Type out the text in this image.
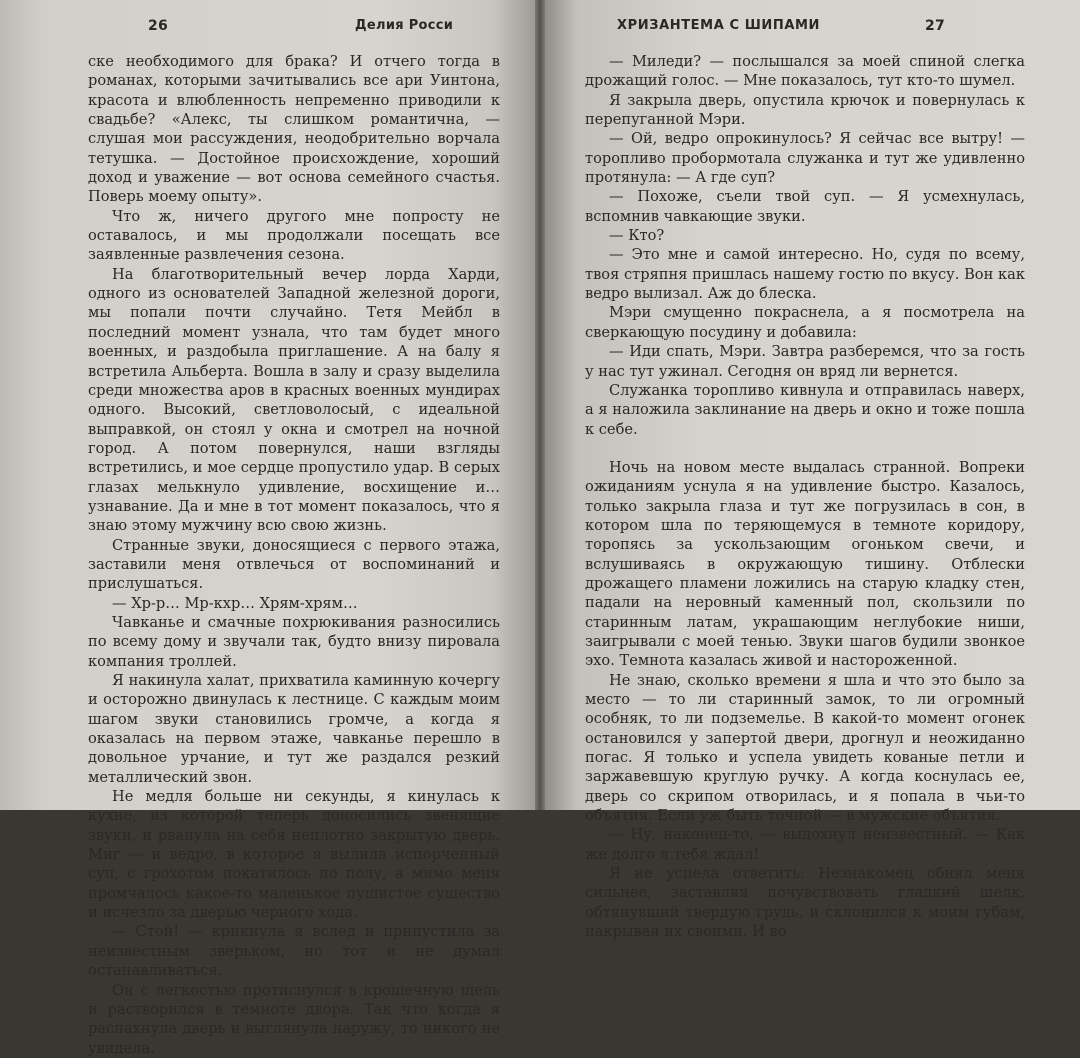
26	Делия Росси

ске необходимого для брака? И отчего тогда в романах, которыми зачитывались все ари Уинтона, красота и влюбленность непременно приводили к свадьбе? «Алекс, ты слишком романтична, — слушая мои рассуждения, неодобрительно ворчала тетушка. — Достойное происхождение, хороший доход и уважение — вот основа семейного счастья. Поверь моему опыту».

Что ж, ничего другого мне попросту не оставалось, и мы продолжали посещать все заявленные развлечения сезона.

На благотворительный вечер лорда Харди, одного из основателей Западной железной дороги, мы попали почти случайно. Тетя Мейбл в последний момент узнала, что там будет много военных, и раздобыла приглашение. А на балу я встретила Альберта. Вошла в залу и сразу выделила среди множества аров в красных военных мундирах одного. Высокий, светловолосый, с идеальной выправкой, он стоял у окна и смотрел на ночной город. А потом повернулся, наши взгляды встретились, и мое сердце пропустило удар. В серых глазах мелькнуло удивление, восхищение и… узнавание. Да и мне в тот момент показалось, что я знаю этому мужчину всю свою жизнь.

Странные звуки, доносящиеся с первого этажа, заставили меня отвлечься от воспоминаний и прислушаться.

— Хр-р… Мр-кхр… Хрям-хрям…

Чавканье и смачные похрюкивания разносились по всему дому и звучали так, будто внизу пировала компания троллей.

Я накинула халат, прихватила каминную кочергу и осторожно двинулась к лестнице. С каждым моим шагом звуки становились громче, а когда я оказалась на первом этаже, чавканье перешло в довольное урчание, и тут же раздался резкий металлический звон.

Не медля больше ни секунды, я кинулась к кухне, из которой теперь доносились звенящие звуки, и рванула на себя неплотно закрытую дверь. Миг — и ведро, в которое я вылила испорченный суп, с грохотом покатилось по полу, а мимо меня промчалось какое-то маленькое пушистое существо и исчезло за дверью черного хода.

— Стой! — крикнула я вслед и припустила за неизвестным зверьком, но тот и не думал останавливаться.

Он с легкостью протиснулся в крошечную щель и растворился в темноте двора. Так что когда я распахнула дверь и выглянула наружу, то никого не увидела.

ХРИЗАНТЕМА С ШИПАМИ	27

— Миледи? — послышался за моей спиной слегка дрожащий голос. — Мне показалось, тут кто-то шумел.

Я закрыла дверь, опустила крючок и повернулась к перепуганной Мэри.

— Ой, ведро опрокинулось? Я сейчас все вытру! — торопливо пробормотала служанка и тут же удивленно протянула: — А где суп?

— Похоже, съели твой суп. — Я усмехнулась, вспомнив чавкающие звуки.

— Кто?

— Это мне и самой интересно. Но, судя по всему, твоя стряпня пришлась нашему гостю по вкусу. Вон как ведро вылизал. Аж до блеска.

Мэри смущенно покраснела, а я посмотрела на сверкающую посудину и добавила:

— Иди спать, Мэри. Завтра разберемся, что за гость у нас тут ужинал. Сегодня он вряд ли вернется.

Служанка торопливо кивнула и отправилась наверх, а я наложила заклинание на дверь и окно и тоже пошла к себе.

Ночь на новом месте выдалась странной. Вопреки ожиданиям уснула я на удивление быстро. Казалось, только закрыла глаза и тут же погрузилась в сон, в котором шла по теряющемуся в темноте коридору, торопясь за ускользающим огоньком свечи, и вслушиваясь в окружающую тишину. Отблески дрожащего пламени ложились на старую кладку стен, падали на неровный каменный пол, скользили по старинным латам, украшающим неглубокие ниши, заигрывали с моей тенью. Звуки шагов будили звонкое эхо. Темнота казалась живой и настороженной.

Не знаю, сколько времени я шла и что это было за место — то ли старинный замок, то ли огромный особняк, то ли подземелье. В какой-то момент огонек остановился у запертой двери, дрогнул и неожиданно погас. Я только и успела увидеть кованые петли и заржавевшую круглую ручку. А когда коснулась ее, дверь со скрипом отворилась, и я попала в чьи-то объятия. Если уж быть точной — в мужские объятия.

— Ну, наконец-то, — выдохнул неизвестный. — Как же долго я тебя ждал!

Я не успела ответить. Незнакомец обнял меня сильнее, заставляя почувствовать гладкий шелк, обтянувший твердую грудь, и склонился к моим губам, накрывая их своими. И во
